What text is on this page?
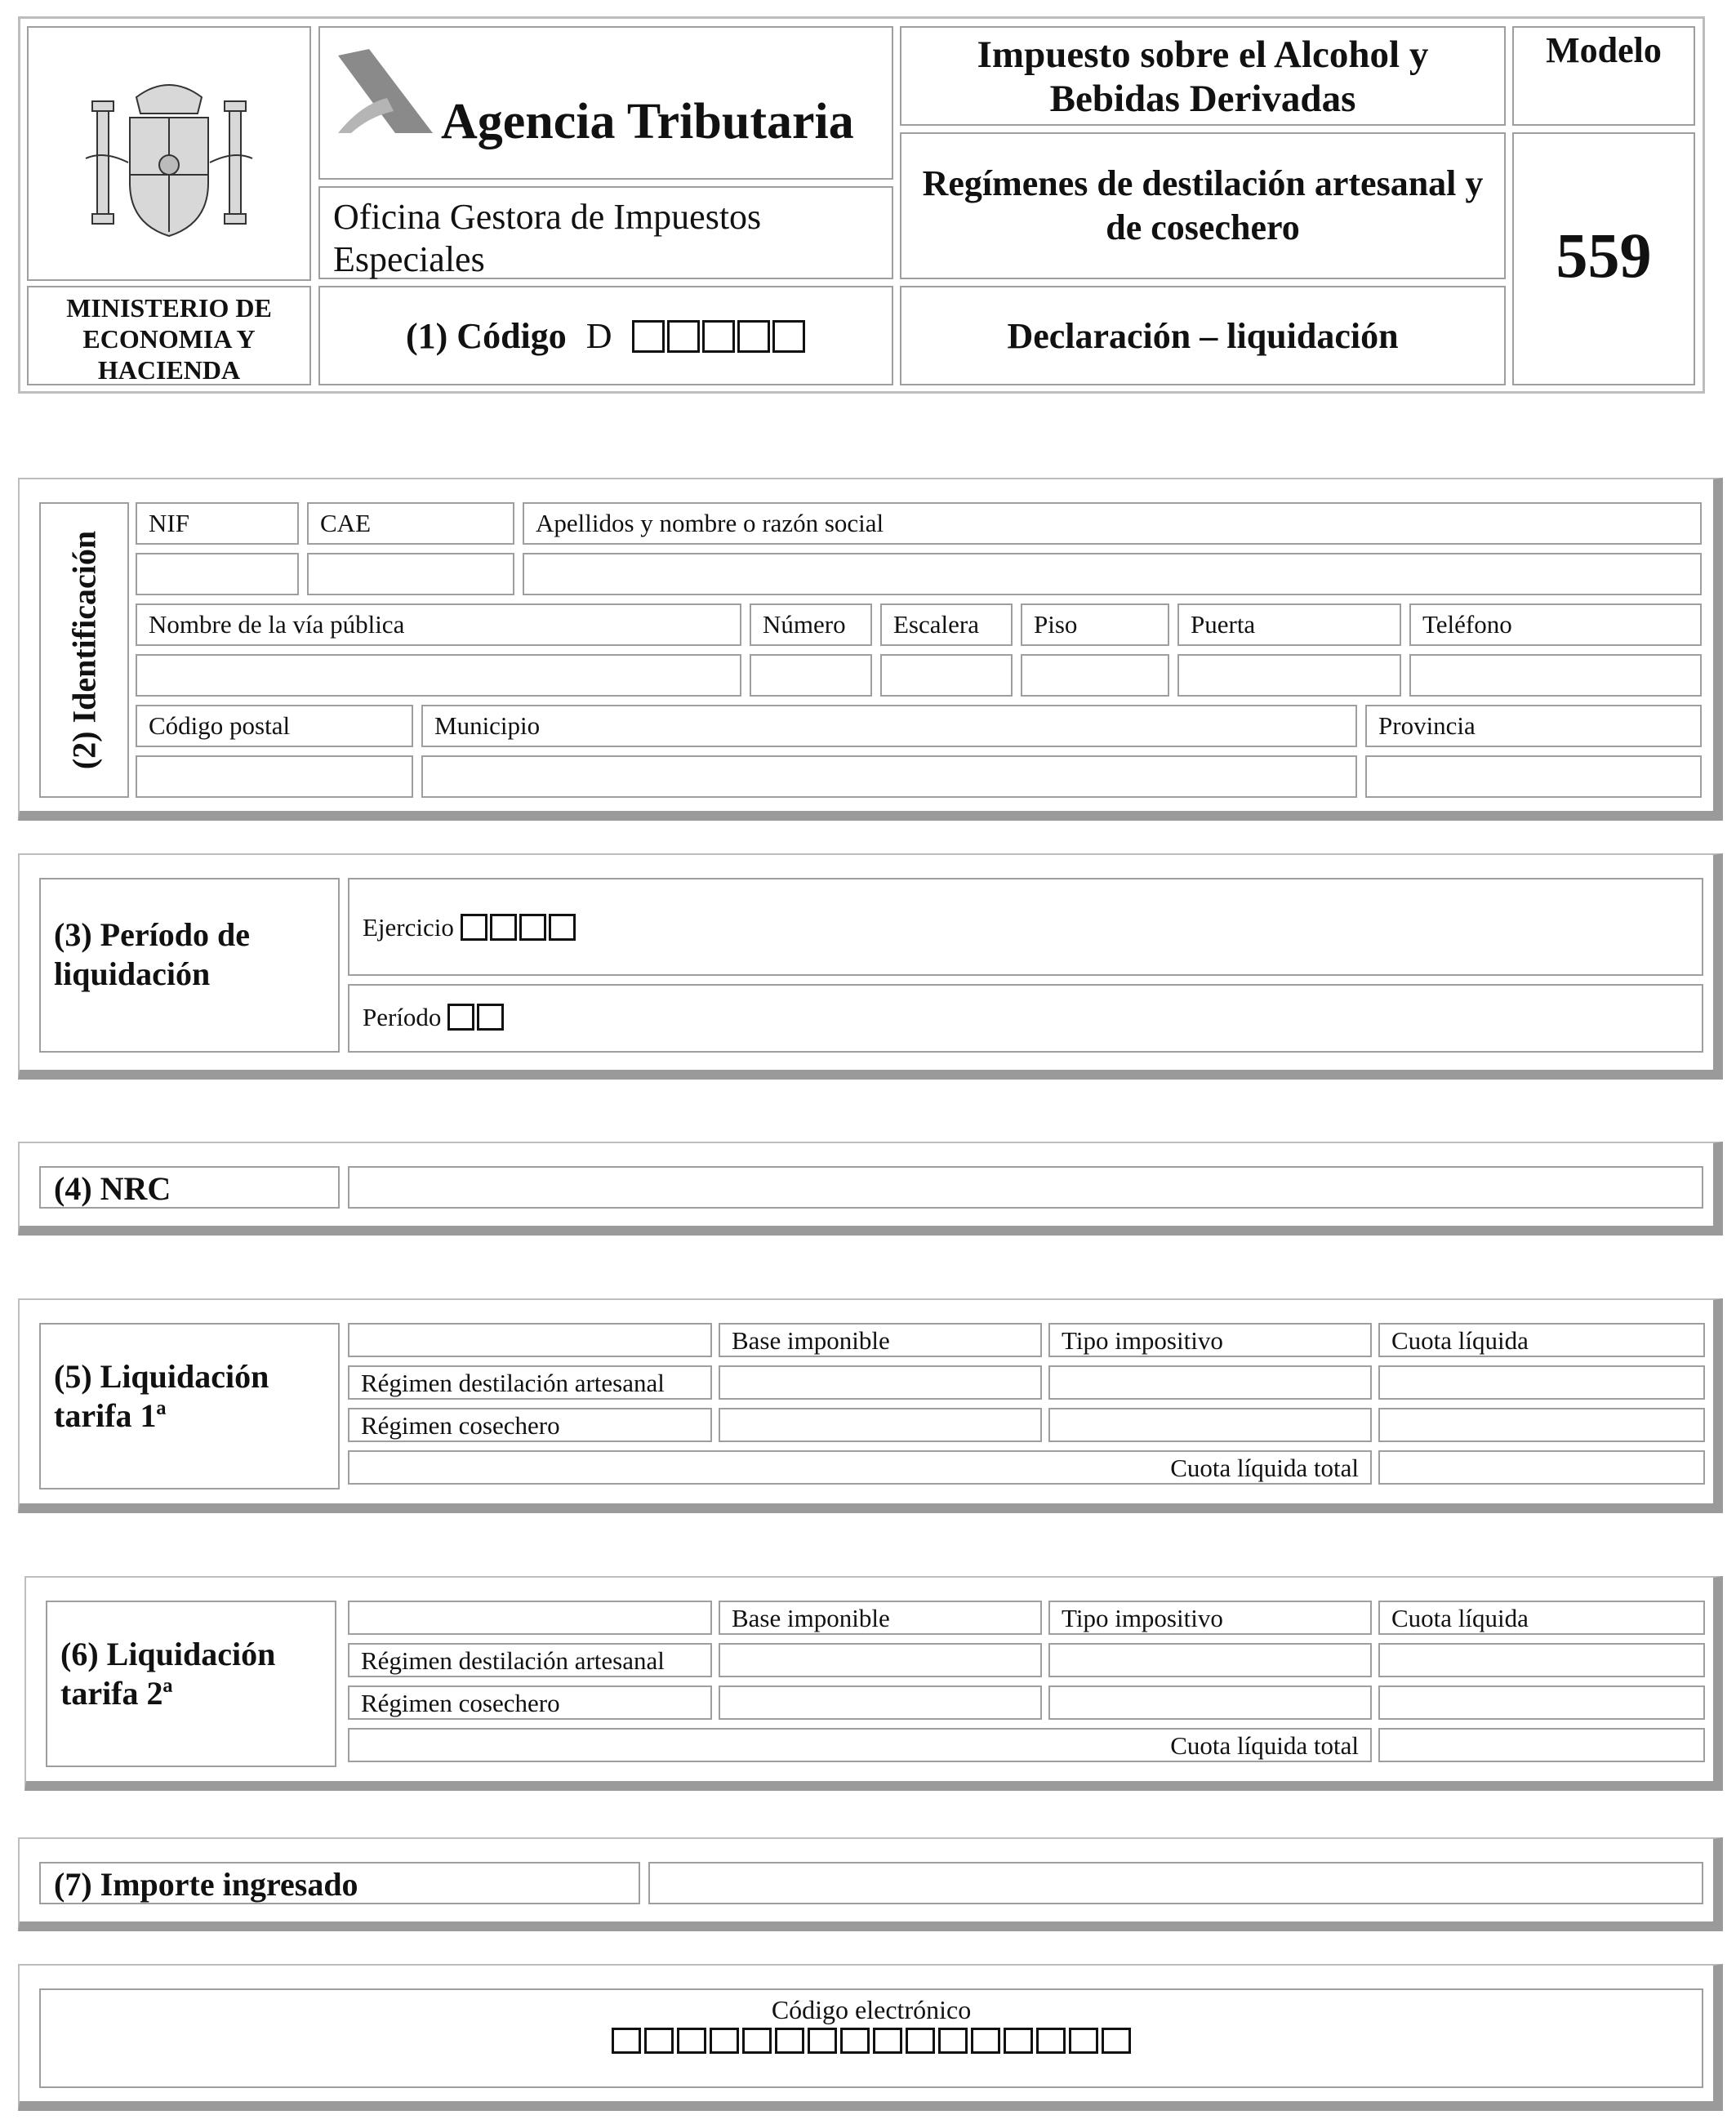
MINISTERIO DE ECONOMIA Y HACIENDA
Agencia Tributaria
Oficina Gestora de Impuestos Especiales
(1) Código D
Impuesto sobre el Alcohol y Bebidas Derivadas
Regímenes de destilación artesanal y de cosechero
Declaración – liquidación
Modelo
559
(2) Identificación
NIF	CAE	Apellidos y nombre o razón social
Nombre de la vía pública	Número Escalera Piso	Puerta	Teléfono
Código postal	Municipio	Provincia
(3) Período de liquidación
Ejercicio
Período
(4) NRC
(5) Liquidación tarifa 1ª
Base imponible	Tipo impositivo	Cuota líquida
Régimen destilación artesanal
Régimen cosechero
Cuota líquida total
(6) Liquidación tarifa 2ª
Base imponible	Tipo impositivo	Cuota líquida
Régimen destilación artesanal
Régimen cosechero
Cuota líquida total
(7) Importe ingresado
Código electrónico
